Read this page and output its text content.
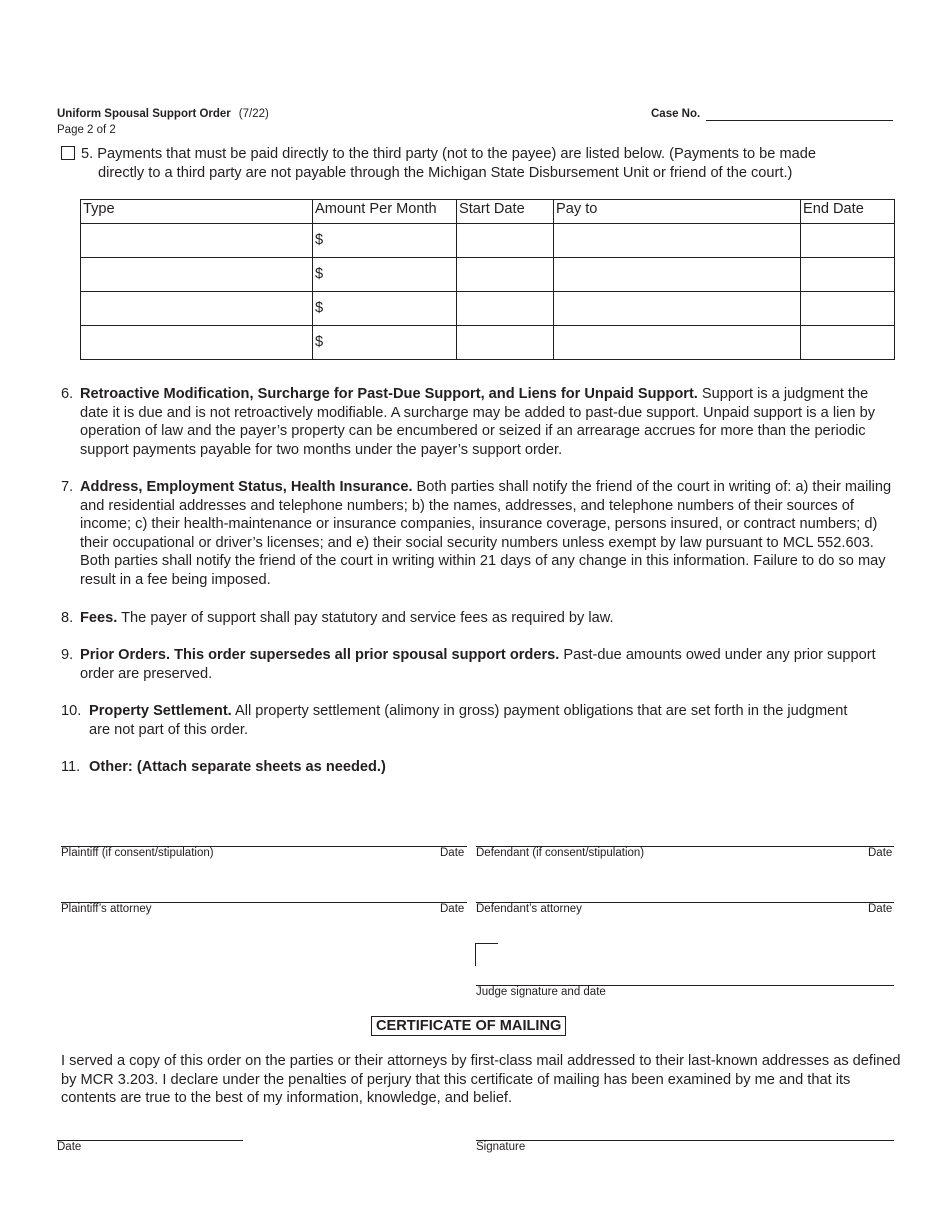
Uniform Spousal Support Order (7/22)
Page 2 of 2
Case No.
5. Payments that must be paid directly to the third party (not to the payee) are listed below. (Payments to be made
directly to a third party are not payable through the Michigan State Disbursement Unit or friend of the court.)
Type	Amount Per Month	Start Date	Pay to	End Date
	$			
	$			
	$			
	$			
6. Retroactive Modification, Surcharge for Past-Due Support, and Liens for Unpaid Support. Support is a judgment the date it is due and is not retroactively modifiable. A surcharge may be added to past-due support. Unpaid support is a lien by operation of law and the payer’s property can be encumbered or seized if an arrearage accrues for more than the periodic support payments payable for two months under the payer’s support order.
7. Address, Employment Status, Health Insurance. Both parties shall notify the friend of the court in writing of: a) their mailing and residential addresses and telephone numbers; b) the names, addresses, and telephone numbers of their sources of income; c) their health-maintenance or insurance companies, insurance coverage, persons insured, or contract numbers; d) their occupational or driver’s licenses; and e) their social security numbers unless exempt by law pursuant to MCL 552.603. Both parties shall notify the friend of the court in writing within 21 days of any change in this information. Failure to do so may result in a fee being imposed.
8. Fees. The payer of support shall pay statutory and service fees as required by law.
9. Prior Orders. This order supersedes all prior spousal support orders. Past-due amounts owed under any prior support order are preserved.
10. Property Settlement. All property settlement (alimony in gross) payment obligations that are set forth in the judgment are not part of this order.
11. Other: (Attach separate sheets as needed.)
Plaintiff (if consent/stipulation)	Date Defendant (if consent/stipulation)	Date
Plaintiff’s attorney	Date Defendant’s attorney	Date
Judge signature and date
CERTIFICATE OF MAILING
I served a copy of this order on the parties or their attorneys by first-class mail addressed to their last-known addresses as defined by MCR 3.203. I declare under the penalties of perjury that this certificate of mailing has been examined by me and that its contents are true to the best of my information, knowledge, and belief.
Date	Signature
